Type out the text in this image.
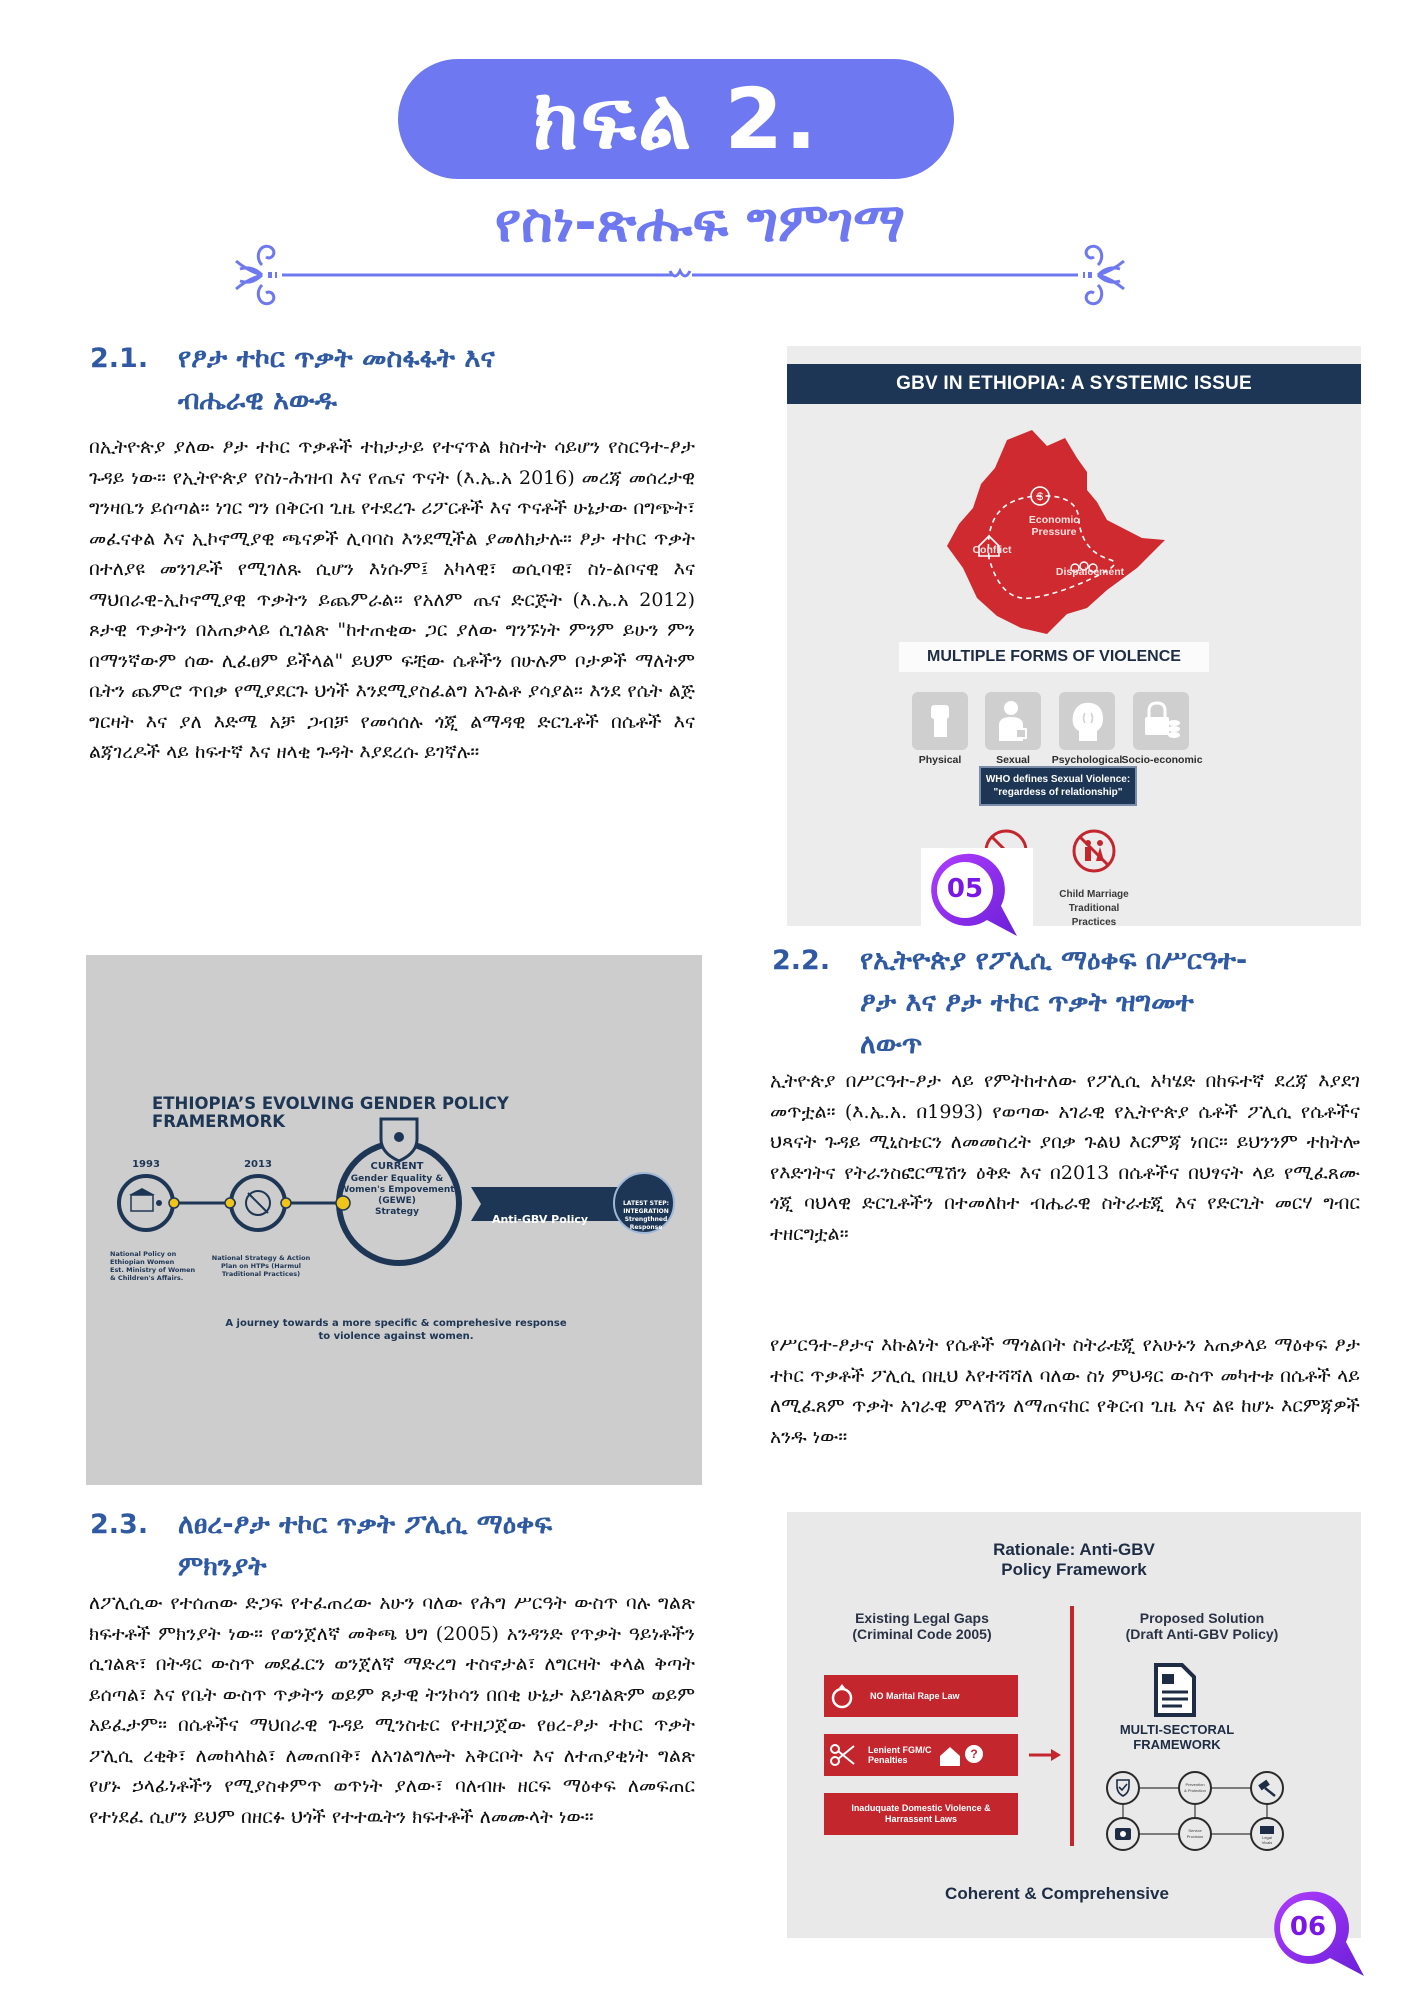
ክፍል 2.
የስነ-ጽሑፍ ግምገማ
2.1. የፆታ ተኮር ጥቃት መስፋፋት እና
ብሔራዊ አውዱ
በኢትዮጵያ ያለው ፆታ ተኮር ጥቃቶች ተከታታይ የተናጥል ክስተት ሳይሆን የስርዓተ-ፆታ ጉዳይ ነው። የኢትዮጵያ የስነ-ሕዝብ እና የጤና ጥናት (እ.ኤ.አ 2016) መረጃ መሰረታዊ ግንዛቤን ይሰጣል። ነገር ግን በቅርብ ጊዜ የተደረጉ ሪፖርቶች እና ጥናቶች ሁኔታው በግጭት፣ መፈናቀል እና ኢኮኖሚያዊ ጫናዎች ሊባባስ እንደሚችል ያመለክታሉ። ፆታ ተኮር ጥቃት በተለያዩ መንገዶች የሚገለጹ ሲሆን እነሱም፤ አካላዊ፣ ወሲባዊ፣ ስነ-ልቦናዊ እና ማህበራዊ-ኢኮኖሚያዊ ጥቃትን ይጨምራል። የአለም ጤና ድርጅት (እ.ኤ.አ 2012) ጾታዊ ጥቃትን በአጠቃላይ ሲገልጽ "ከተጠቂው ጋር ያለው ግንኙነት ምንም ይሁን ምን በማንኛውም ሰው ሊፈፀም ይችላል" ይህም ፍቺው ሴቶችን በሁሉም ቦታዎች ማለትም ቤትን ጨምሮ ጥበቃ የሚያደርጉ ህጎች እንደሚያስፈልግ አጉልቶ ያሳያል። እንደ የሴት ልጅ ግርዛት እና ያለ እድሜ አቻ ጋብቻ የመሳሰሉ ጎጂ ልማዳዊ ድርጊቶች በሴቶች እና ልጃገረዶች ላይ ከፍተኛ እና ዘላቂ ጉዳት እያደረሱ ይገኛሉ።
GBV IN ETHIOPIA: A SYSTEMIC ISSUE
$
Economic Pressure
Conflict
Dispalcement
MULTIPLE FORMS OF VIOLENCE
Physical	Sexual	Psychological Socio-economic
WHO defines Sexual Violence:
"regardess of relationship"
Child Marriage
Traditional Practices
05
2.2. የኢትዮጵያ የፖሊሲ ማዕቀፍ በሥርዓተ-
ፆታ እና ፆታ ተኮር ጥቃት ዝግመተ
ለውጥ
ኢትዮጵያ በሥርዓተ-ፆታ ላይ የምትከተለው የፖሊሲ አካሄድ በከፍተኛ ደረጃ እያደገ መጥቷል። (እ.ኤ.አ. በ1993) የወጣው አገራዊ የኢትዮጵያ ሴቶች ፖሊሲ የሴቶችና ህጻናት ጉዳይ ሚኒስቴርን ለመመስረት ያበቃ ጉልህ እርምጃ ነበር። ይህንንም ተከትሎ የእድገትና የትራንስፎርሜሽን ዕቅድ እና በ2013 በሴቶችና በህፃናት ላይ የሚፈጸሙ ጎጂ ባህላዊ ድርጊቶችን በተመለከተ ብሔራዊ ስትራቴጂ እና የድርጊት መርሃ ግብር ተዘርግቷል።
የሥርዓተ-ፆታና እኩልነት የሴቶች ማጎልበት ስትራቴጂ የአሁኑን አጠቃላይ ማዕቀፍ ፆታ ተኮር ጥቃቶች ፖሊሲ በዚህ እየተሻሻለ ባለው ስነ ምህዳር ውስጥ መካተቱ በሴቶች ላይ ለሚፈጸም ጥቃት አገራዊ ምላሽን ለማጠናከር የቅርብ ጊዜ እና ልዩ ከሆኑ እርምጃዎች አንዱ ነው።
ETHIOPIA’S EVOLVING GENDER POLICY
FRAMERMORK
1993	2013
National Policy on
Ethiopian Women
Est. Ministry of Women
& Children's Affairs.
National Strategy & Action
Plan on HTPs (Harmul
Traditional Practices)
CURRENT
Gender Equality &
Women's Empovement
(GEWE)
Strategy
Anti-GBV Policy
LATEST STEP:
INTEGRATION
Strengthned
Response
A journey towards a more specific & comprehesive response
to violence against women.
2.3. ለፀረ-ፆታ ተኮር ጥቃት ፖሊሲ ማዕቀፍ
ምክንያት
ለፖሊሲው የተሰጠው ድጋፍ የተፈጠረው አሁን ባለው የሕግ ሥርዓት ውስጥ ባሉ ግልጽ ክፍተቶች ምክንያት ነው። የወንጀለኛ መቅጫ ህግ (2005) አንዳንድ የጥቃት ዓይነቶችን ሲገልጽ፣ በትዳር ውስጥ መደፈርን ወንጀለኛ ማድረግ ተስኖታል፣ ለግርዛት ቀላል ቅጣት ይሰጣል፣ እና የቤት ውስጥ ጥቃትን ወይም ጾታዊ ትንኮሳን በበቂ ሁኔታ አይገልጽም ወይም አይፈታም። በሴቶችና ማህበራዊ ጉዳይ ሚንስቴር የተዘጋጀው የፀረ-ፆታ ተኮር ጥቃት ፖሊሲ ረቂቅ፣ ለመከላከል፣ ለመጠበቅ፣ ለአገልግሎት አቅርቦት እና ለተጠያቂነት ግልጽ የሆኑ ኃላፊነቶችን የሚያስቀምጥ ወጥነት ያለው፣ ባለብዙ ዘርፍ ማዕቀፍ ለመፍጠር የተነደፈ ሲሆን ይህም በዘርፉ ህጎች የተተዉትን ክፍተቶች ለመሙላት ነው።
Rationale: Anti-GBV
Policy Framework
Existing Legal Gaps
(Criminal Code 2005)
Proposed Solution
(Draft Anti-GBV Policy)
NO Marital Rape Law
Lenient FGM/C
Penalties	?
Inaduquate Domestic Violence &
Harrassent Laws
MULTI-SECTORAL
FRAMEWORK
Prevention
& Protection
Service
Provision	Legal
Vivals
Coherent & Comprehensive
06
